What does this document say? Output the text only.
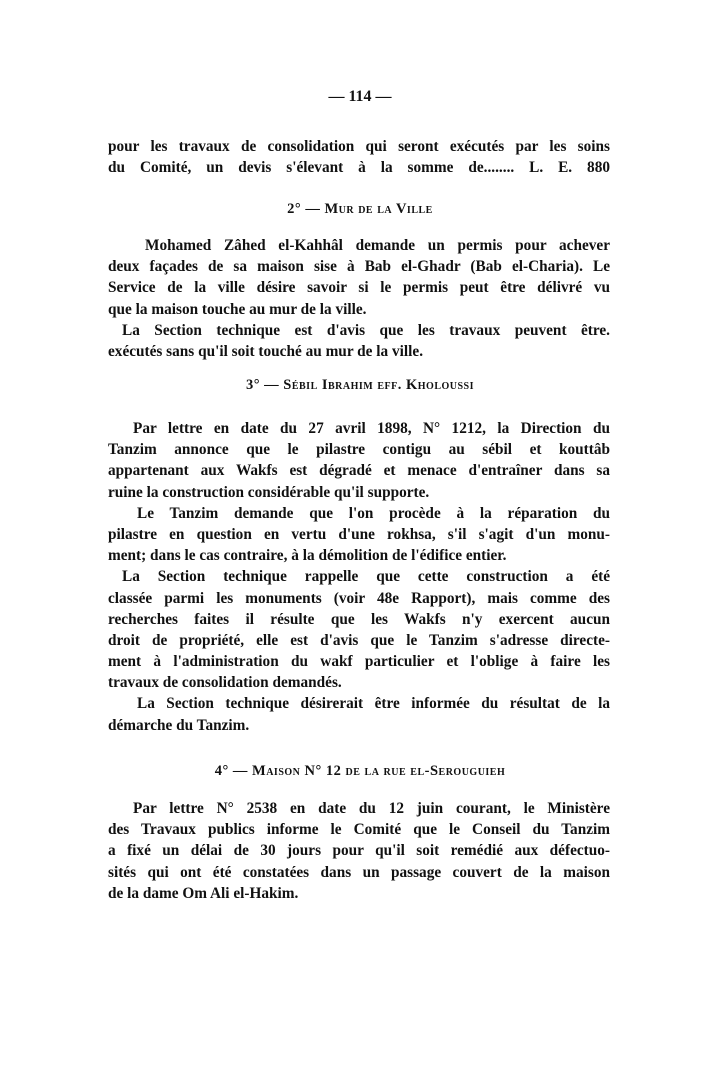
— 114 —
pour les travaux de consolidation qui seront exécutés par les soins
du Comité, un devis s'élevant à la somme de........ L. E. 880
2° — Mur de la Ville
Mohamed Zâhed el-Kahhâl demande un permis pour achever
deux façades de sa maison sise à Bab el-Ghadr (Bab el-Charia). Le
Service de la ville désire savoir si le permis peut être délivré vu
que la maison touche au mur de la ville.
La Section technique est d'avis que les travaux peuvent être.
exécutés sans qu'il soit touché au mur de la ville.
3° — Sébil Ibrahim eff. Kholoussi
Par lettre en date du 27 avril 1898, N° 1212, la Direction du
Tanzim annonce que le pilastre contigu au sébil et kouttâb
appartenant aux Wakfs est dégradé et menace d'entraîner dans sa
ruine la construction considérable qu'il supporte.
Le Tanzim demande que l'on procède à la réparation du
pilastre en question en vertu d'une rokhsa, s'il s'agit d'un monu-
ment; dans le cas contraire, à la démolition de l'édifice entier.
La Section technique rappelle que cette construction a été
classée parmi les monuments (voir 48e Rapport), mais comme des
recherches faites il résulte que les Wakfs n'y exercent aucun
droit de propriété, elle est d'avis que le Tanzim s'adresse directe-
ment à l'administration du wakf particulier et l'oblige à faire les
travaux de consolidation demandés.
La Section technique désirerait être informée du résultat de la
démarche du Tanzim.
4° — Maison N° 12 de la rue el-Serouguieh
Par lettre N° 2538 en date du 12 juin courant, le Ministère
des Travaux publics informe le Comité que le Conseil du Tanzim
a fixé un délai de 30 jours pour qu'il soit remédié aux défectuo-
sités qui ont été constatées dans un passage couvert de la maison
de la dame Om Ali el-Hakim.
